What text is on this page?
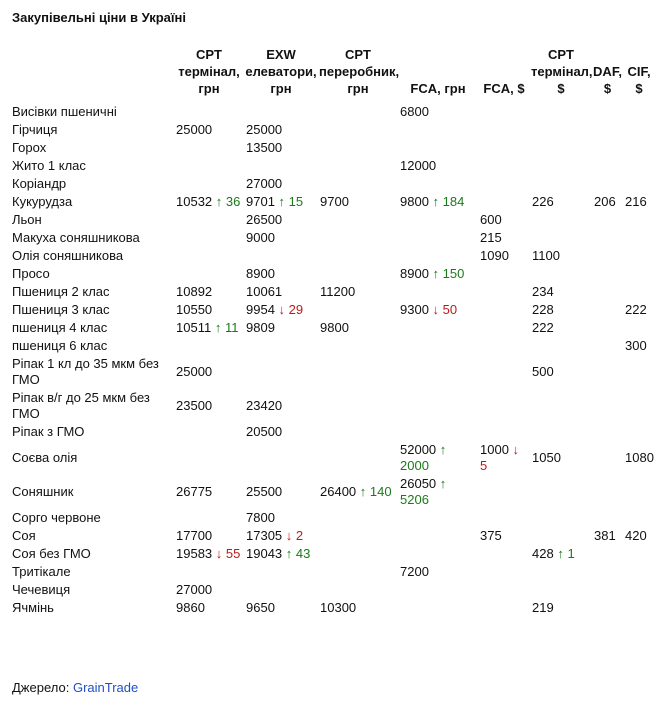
Закупівельні ціни в Україні
	CPT термінал, грн	EXW елеватори, грн	CPT переробник, грн	FCA, грн	FCA, $	CPT термінал, $	DAF, $	CIF, $
Висівки пшеничні				6800				
Гірчиця	25000	25000						
Горох		13500						
Жито 1 клас				12000				
Коріандр		27000						
Кукурудза	10532 ↑ 36	9701 ↑ 15	9700	9800 ↑ 184		226	206	216
Льон		26500			600			
Макуха соняшникова		9000			215			
Олія соняшникова					1090	1100		
Просо		8900		8900 ↑ 150				
Пшениця 2 клас	10892	10061	11200			234		
Пшениця 3 клас	10550	9954 ↓ 29		9300 ↓ 50		228		222
пшениця 4 клас	10511 ↑ 11	9809	9800			222		
пшениця 6 клас								300
Ріпак 1 кл до 35 мкм без ГМО	25000					500		
Ріпак в/г до 25 мкм без ГМО	23500	23420						
Ріпак з ГМО		20500						
Соєва олія				52000 ↑ 2000	1000 ↓ 5	1050		1080
Соняшник	26775	25500	26400 ↑ 140	26050 ↑ 5206				
Сорго червоне		7800						
Соя	17700	17305 ↓ 2			375		381	420
Соя без ГМО	19583 ↓ 55	19043 ↑ 43				428 ↑ 1		
Тритікале				7200				
Чечевиця	27000							
Ячмінь	9860	9650	10300			219		
Джерело: GrainTrade
